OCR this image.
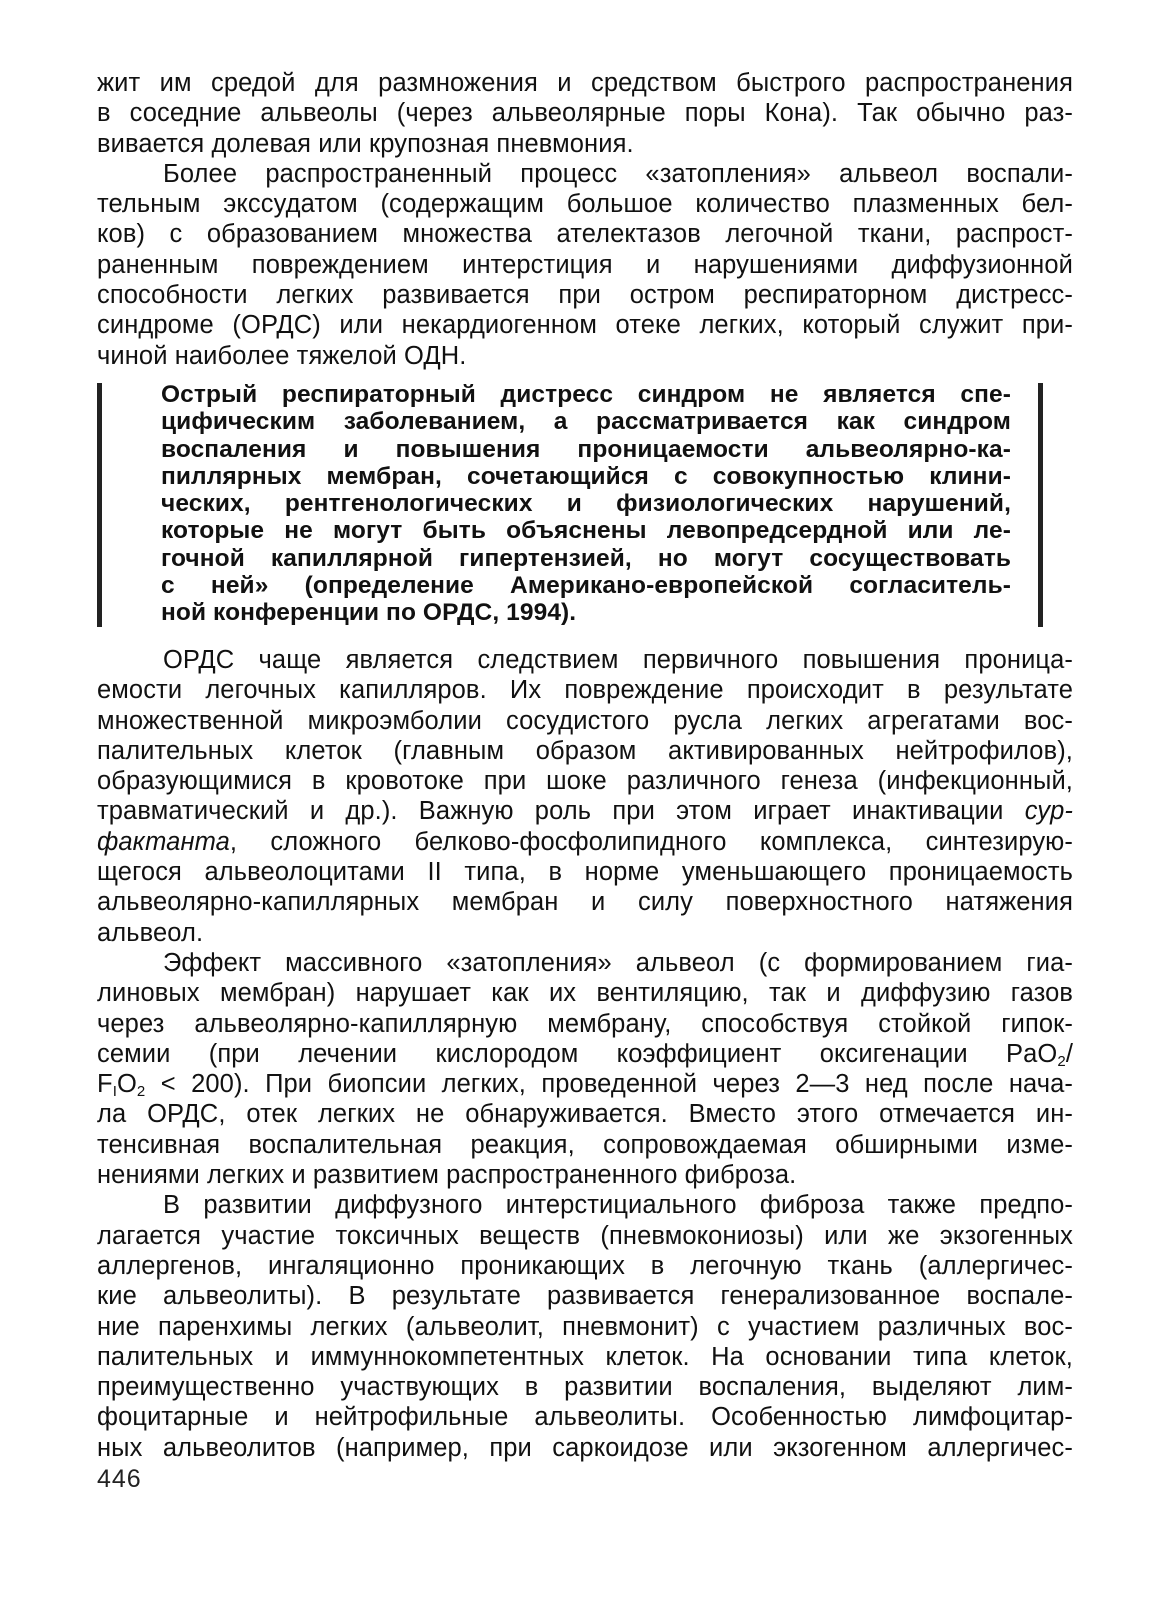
жит им средой для размножения и средством быстрого распространения
в соседние альвеолы (через альвеолярные поры Кона). Так обычно раз-
вивается долевая или крупозная пневмония.

Более распространенный процесс «затопления» альвеол воспали-
тельным экссудатом (содержащим большое количество плазменных бел-
ков) с образованием множества ателектазов легочной ткани, распрост-
раненным повреждением интерстиция и нарушениями диффузионной
способности легких развивается при остром респираторном дистресс-
синдроме (ОРДС) или некардиогенном отеке легких, который служит при-
чиной наиболее тяжелой ОДН.

Острый респираторный дистресс синдром не является спе-
цифическим заболеванием, а рассматривается как синдром
воспаления и повышения проницаемости альвеолярно-ка-
пиллярных мембран, сочетающийся с совокупностью клини-
ческих, рентгенологических и физиологических нарушений,
которые не могут быть объяснены левопредсердной или ле-
гочной капиллярной гипертензией, но могут сосуществовать
с ней» (определение Американо-европейской согласитель-
ной конференции по ОРДС, 1994).

ОРДС чаще является следствием первичного повышения проница-
емости легочных капилляров. Их повреждение происходит в результате
множественной микроэмболии сосудистого русла легких агрегатами вос-
палительных клеток (главным образом активированных нейтрофилов),
образующимися в кровотоке при шоке различного генеза (инфекционный,
травматический и др.). Важную роль при этом играет инактивации сур-
фактанта, сложного белково-фосфолипидного комплекса, синтезирую-
щегося альвеолоцитами II типа, в норме уменьшающего проницаемость
альвеолярно-капиллярных мембран и силу поверхностного натяжения
альвеол.

Эффект массивного «затопления» альвеол (с формированием гиа-
линовых мембран) нарушает как их вентиляцию, так и диффузию газов
через альвеолярно-капиллярную мембрану, способствуя стойкой гипок-
семии (при лечении кислородом коэффициент оксигенации PaO$_2$/
$F_IO_2 < 200$). При биопсии легких, проведенной через 2—3 нед после нача-
ла ОРДС, отек легких не обнаруживается. Вместо этого отмечается ин-
тенсивная воспалительная реакция, сопровождаемая обширными изме-
нениями легких и развитием распространенного фиброза.

В развитии диффузного интерстициального фиброза также предпо-
лагается участие токсичных веществ (пневмокониозы) или же экзогенных
аллергенов, ингаляционно проникающих в легочную ткань (аллергичес-
кие альвеолиты). В результате развивается генерализованное воспале-
ние паренхимы легких (альвеолит, пневмонит) с участием различных вос-
палительных и иммуннокомпетентных клеток. На основании типа клеток,
преимущественно участвующих в развитии воспаления, выделяют лим-
фоцитарные и нейтрофильные альвеолиты. Особенностью лимфоцитар-
ных альвеолитов (например, при саркоидозе или экзогенном аллергичес-

446
